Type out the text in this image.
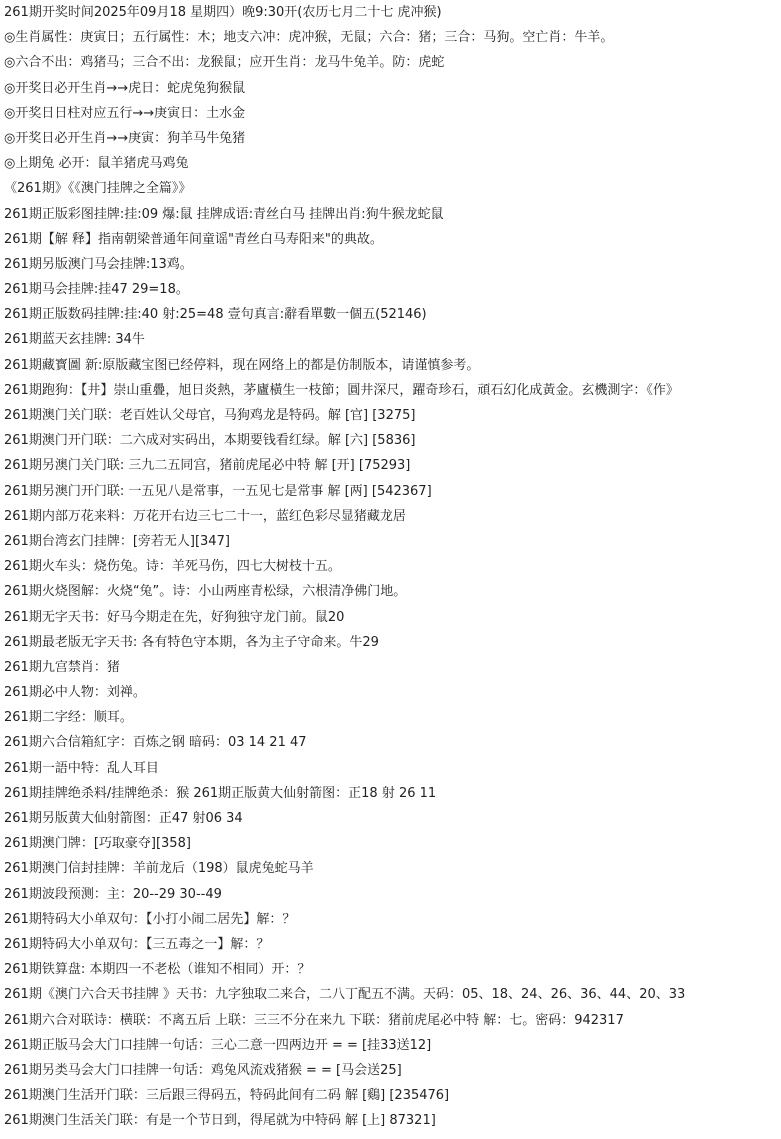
261期开奖时间2025年09月18 星期四）晚9:30开(农历七月二十七 虎冲猴)
◎生肖属性：庚寅日；五行属性：木；地支六冲：虎冲猴，无鼠；六合：猪；三合：马狗。空亡肖：牛羊。
◎六合不出：鸡猪马；三合不出：龙猴鼠；应开生肖：龙马牛兔羊。防：虎蛇
◎开奖日必开生肖→→虎日：蛇虎兔狗猴鼠
◎开奖日日柱对应五行→→庚寅日：土水金
◎开奖日必开生肖→→庚寅：狗羊马牛兔猪
◎上期兔 必开：鼠羊猪虎马鸡兔
《261期》《《澳门挂牌之全篇》》
261期正版彩图挂牌:挂:09 爆:鼠 挂牌成语:青丝白马 挂牌出肖:狗牛猴龙蛇鼠
261期【解 释】指南朝梁普通年间童谣"青丝白马寿阳来"的典故。
261期另版澳门马会挂牌:13鸡。
261期马会挂牌:挂47 29=18。
261期正版数码挂牌:挂:40 射:25=48 壹句真言:辭看單數一個五(52146)
261期蓝天玄挂牌: 34牛
261期藏寳圖 新:原版藏宝图已经停料，现在网络上的都是仿制版本，请谨慎参考。
261期跑狗：【井】崇山重疊，旭日炎熱，茅廬橫生一枝節；圓井深尺，躍奇珍石，頑石幻化成黃金。玄機測字：《作》
261期澳门关门联：老百姓认父母官，马狗鸡龙是特码。解 [官] [3275]
261期澳门开门联：二六成对实码出，本期要钱看红绿。解 [六] [5836]
261期另澳门关门联: 三九二五同宫，猪前虎尾必中特 解 [开] [75293]
261期另澳门开门联: 一五见八是常事，一五见七是常事 解 [两] [542367]
261期内部万花来料：万花开右边三七二十一，蓝红色彩尽显猪藏龙居
261期台湾玄门挂牌：[旁若无人][347]
261期火车头：烧伤兔。诗：羊死马伤，四七大树枝十五。
261期火烧图解：火烧“兔”。诗：小山两座青松绿，六根清净佛门地。
261期无字天书：好马今期走在先，好狗独守龙门前。鼠20
261期最老版无字天书: 各有特色守本期，各为主子守命来。牛29
261期九宫禁肖：猪
261期必中人物：刘禅。
261期二字经：顺耳。
261期六合信箱紅字：百炼之钢 暗码：03 14 21 47
261期一語中特：乱人耳目
261期挂牌绝杀料/挂牌绝杀：猴 261期正版黄大仙射箭图：正18 射 26 11
261期另版黄大仙射箭图：正47 射06 34
261期澳门牌：[巧取豪夺][358]
261期澳门信封挂牌：羊前龙后（198）鼠虎兔蛇马羊
261期波段预测：主：20--29 30--49
261期特码大小单双句：【小打小闹二居先】解：？
261期特码大小单双句：【三五毒之一】解：？
261期铁算盘: 本期四一不老松（谁知不相同）开：？
261期《澳门六合天书挂牌 》天书：九字独取二来合，二八丁配五不满。天码：05、18、24、26、36、44、20、33
261期六合对联诗：横联：不离五后 上联：三三不分在来九 下联：猪前虎尾必中特 解：七。密码：942317
261期正版马会大门口挂牌一句话：三心二意一四两边开 = = [挂33送12]
261期另类马会大门口挂牌一句话：鸡兔风流戏猪猴 = = [马会送25]
261期澳门生活开门联：三后跟三得码五，特码此间有二码 解 [鷄] [235476]
261期澳门生活关门联：有是一个节日到，得尾就为中特码 解 [上] 87321]
